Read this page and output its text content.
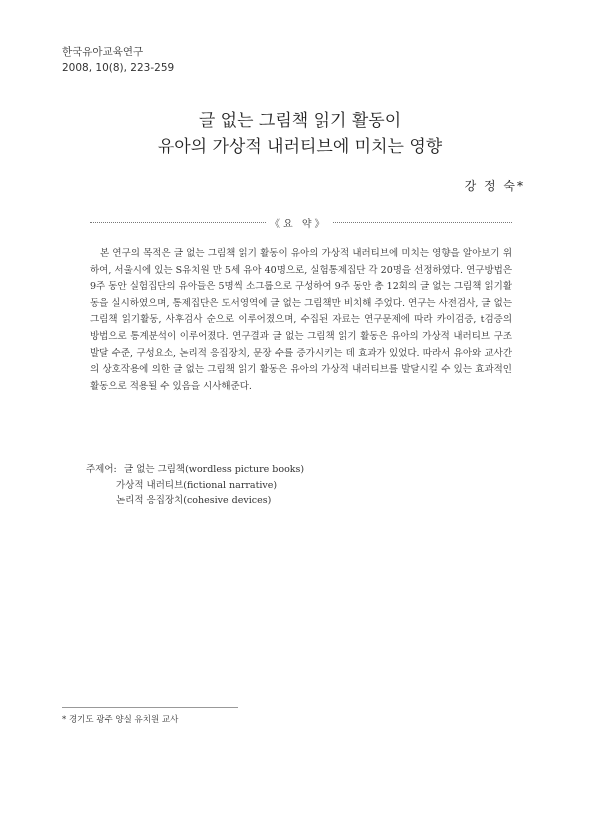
한국유아교육연구
2008, 10(8), 223-259
글 없는 그림책 읽기 활동이
유아의 가상적 내러티브에 미치는 영향
강 정 숙*
《요 약》
본 연구의 목적은 글 없는 그림책 읽기 활동이 유아의 가상적 내러티브에 미치는 영향을 알아보기 위하여, 서울시에 있는 S유치원 만 5세 유아 40명으로, 실험통제집단 각 20명을 선정하였다. 연구방법은 9주 동안 실험집단의 유아들은 5명씩 소그룹으로 구성하여 9주 동안 총 12회의 글 없는 그림책 읽기활동을 실시하였으며, 통제집단은 도서영역에 글 없는 그림책만 비치해 주었다. 연구는 사전검사, 글 없는 그림책 읽기활동, 사후검사 순으로 이루어졌으며, 수집된 자료는 연구문제에 따라 카이검증, t검증의 방법으로 통계분석이 이루어졌다. 연구결과 글 없는 그림책 읽기 활동은 유아의 가상적 내러티브 구조발달 수준, 구성요소, 논리적 응집장치, 문장 수를 증가시키는 데 효과가 있었다. 따라서 유아와 교사간의 상호작용에 의한 글 없는 그림책 읽기 활동은 유아의 가상적 내러티브를 발달시킬 수 있는 효과적인 활동으로 적용될 수 있음을 시사해준다.
주제어: 글 없는 그림책(wordless picture books)
가상적 내러티브(fictional narrative)
논리적 응집장치(cohesive devices)
* 경기도 광주 양실 유치원 교사
